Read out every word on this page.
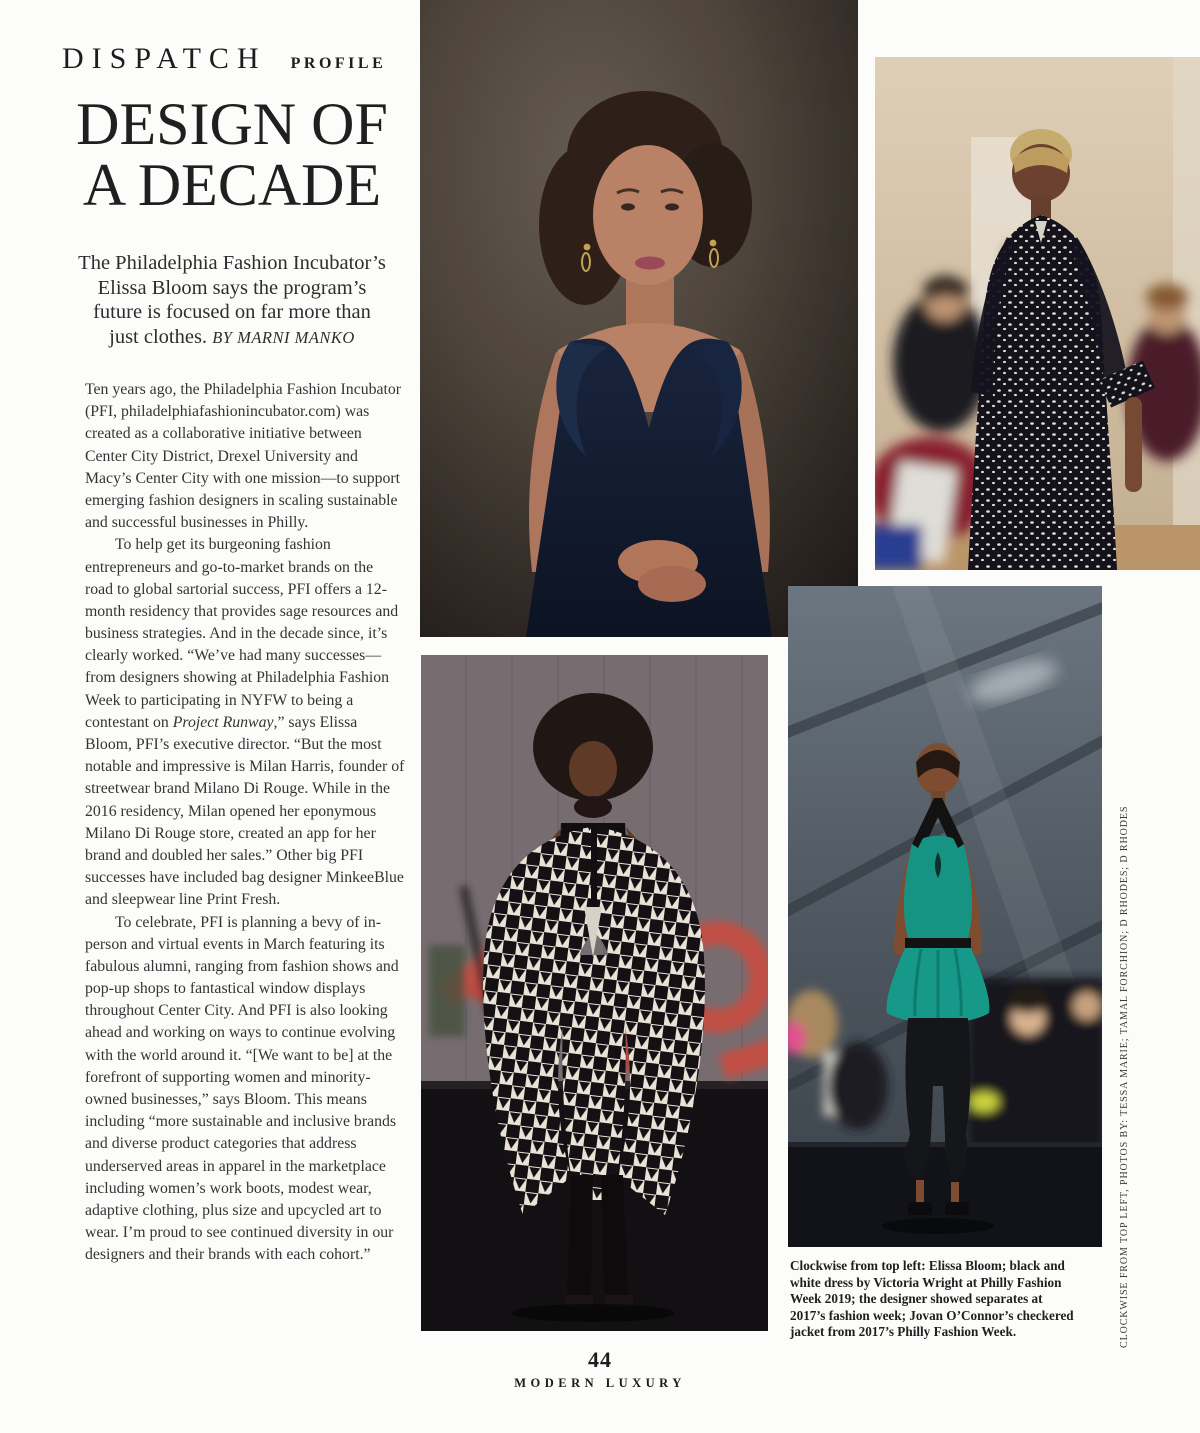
DISPATCH PROFILE
DESIGN OF
A DECADE
The Philadelphia Fashion Incubator’s
Elissa Bloom says the program’s
future is focused on far more than
just clothes. BY MARNI MANKO

Ten years ago, the Philadelphia Fashion Incubator (PFI, philadelphiafashionincubator.com) was created as a collaborative initiative between Center City District, Drexel University and Macy’s Center City with one mission—to support emerging fashion designers in scaling sustainable and successful businesses in Philly.

To help get its burgeoning fashion entrepreneurs and go-to-market brands on the road to global sartorial success, PFI offers a 12-month residency that provides sage resources and business strategies. And in the decade since, it’s clearly worked. “We’ve had many successes—from designers showing at Philadelphia Fashion Week to participating in NYFW to being a contestant on Project Runway,” says Elissa Bloom, PFI’s executive director. “But the most notable and impressive is Milan Harris, founder of streetwear brand Milano Di Rouge. While in the 2016 residency, Milan opened her eponymous Milano Di Rouge store, created an app for her brand and doubled her sales.” Other big PFI successes have included bag designer MinkeeBlue and sleepwear line Print Fresh.

To celebrate, PFI is planning a bevy of in-person and virtual events in March featuring its fabulous alumni, ranging from fashion shows and pop-up shops to fantastical window displays throughout Center City. And PFI is also looking ahead and working on ways to continue evolving with the world around it. “[We want to be] at the forefront of supporting women and minority-owned businesses,” says Bloom. This means including “more sustainable and inclusive brands and diverse product categories that address underserved areas in apparel in the marketplace including women’s work boots, modest wear, adaptive clothing, plus size and upcycled art to wear. I’m proud to see continued diversity in our designers and their brands with each cohort.”

Clockwise from top left: Elissa Bloom; black and white dress by Victoria Wright at Philly Fashion Week 2019; the designer showed separates at 2017’s fashion week; Jovan O’Connor’s checkered jacket from 2017’s Philly Fashion Week.	CLOCKWISE FROM TOP LEFT, PHOTOS BY: TESSA MARIE; TAMAL FORCHION; D RHODES; D RHODES
44
MODERN LUXURY
